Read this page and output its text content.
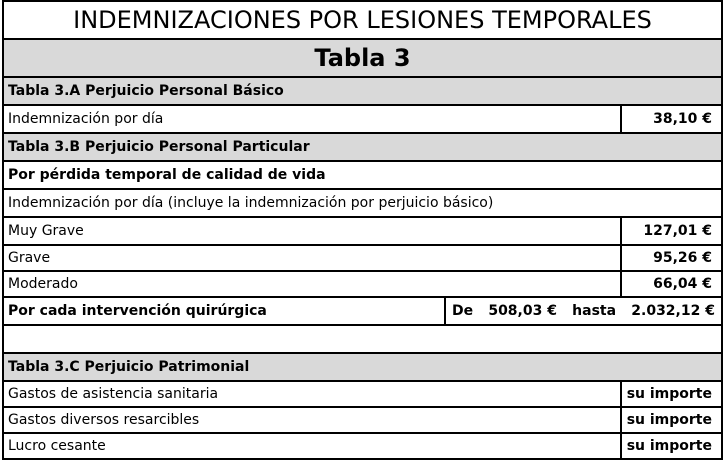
INDEMNIZACIONES POR LESIONES TEMPORALES
Tabla 3
Tabla 3.A Perjuicio Personal Básico
Indemnización por día	38,10 €
Tabla 3.B Perjuicio Personal Particular
Por pérdida temporal de calidad de vida
Indemnización por día (incluye la indemnización por perjuicio básico)
Muy Grave	127,01 €
Grave	95,26 €
Moderado	66,04 €
Por cada intervención quirúrgica	De 508,03 € hasta 2.032,12 €
Tabla 3.C Perjuicio Patrimonial
Gastos de asistencia sanitaria	su importe
Gastos diversos resarcibles	su importe
Lucro cesante	su importe
